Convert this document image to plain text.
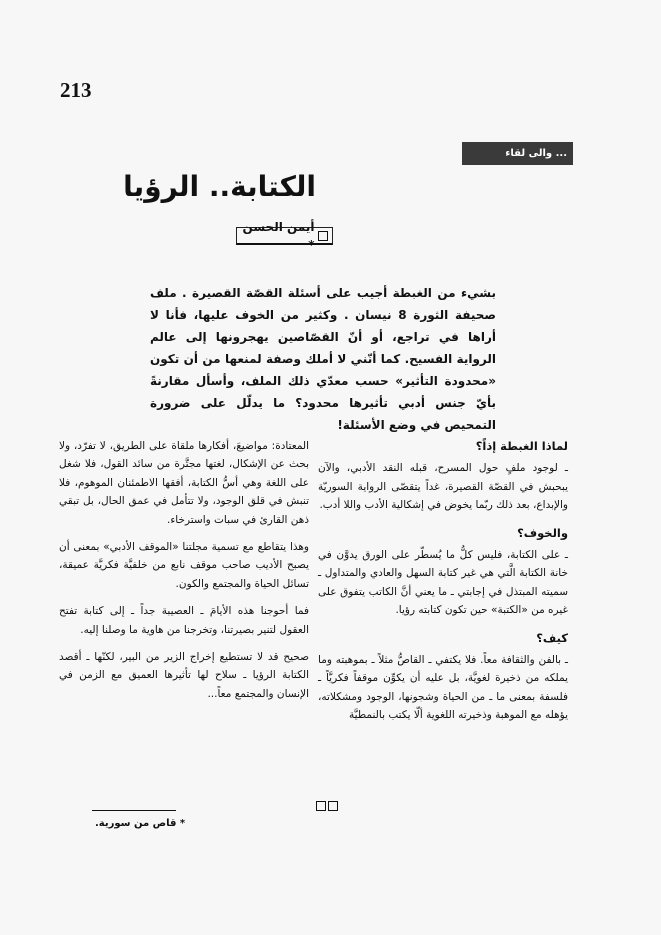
213
... والى لقاء
الكتابة.. الرؤيا
أيمن الحسن *

بشيء من الغبطة أجيب على أسئلة القصّة القصيرة . ملف صحيفة الثورة 8 نيسان . وكثير من الخوف عليها، فأنا لا أراها في تراجع، أو أنّ القصّاصين يهجرونها إلى عالم الرواية الفسيح. كما أنّني لا أملك وصفة لمنعها من أن تكون «محدودة التأثير» حسب معدّي ذلك الملف، وأسأل مقارنةً بأيّ جنس أدبي تأثيرها محدود؟ ما يدلّل على ضرورة التمحيص في وضع الأسئلة!

لماذا الغبطة إذاً؟

ـ لوجود ملفٍ حول المسرح، قبله النقد الأدبي، والآن يبحبش في القصّة القصيرة، غداً يتقصّى الرواية السوريّة والإبداع، بعد ذلك ربّما يخوض في إشكالية الأدب واللا أدب.

والخوف؟

ـ على الكتابة، فليس كلُّ ما يُسطّر على الورق يدوَّن في خانة الكتابة الَّتي هي غير كتابة السهل والعادي والمتداول ـ سميته المبتذل في إجابتي ـ ما يعني أنَّ الكاتب يتفوق على غيره من «الكتبة» حين تكون كتابته رؤيا.

كيف؟

ـ بالفن والثقافة معاً. فلا يكتفي ـ القاصُّ مثلاً ـ بموهبته وما يملكه من ذخيرة لغويَّة، بل عليه أن يكوِّن موقفاً فكريَّاً ـ فلسفة بمعنى ما ـ من الحياة وشجونها، الوجود ومشكلاته، يؤهله مع الموهبة وذخيرته اللغوية ألّا يكتب بالنمطيَّة

المعتادة: مواضيعَ، أفكارها ملقاة على الطريق، لا تفرّد، ولا بحث عن الإشكال، لغتها مجتَّرة من سائد القول، فلا شغل على اللغة وهي أسُّ الكتابة، أفقها الاطمئنان الموهوم، فلا تنبش في قلق الوجود، ولا تتأمل في عمق الحال، بل تبقي ذهن القارئ في سبات واسترخاء.

وهذا يتقاطع مع تسمية مجلتنا «الموقف الأدبي» بمعنى أن يصبح الأديب صاحب موقف نابع من خلفيَّة فكريَّة عميقة، تسائل الحياة والمجتمع والكون.

فما أحوجنا هذه الأيامَ ـ العصيبة جداً ـ إلى كتابة تفتح العقول لتنير بصيرتنا، وتخرجنا من هاوية ما وصلنا إليه.

صحيح قد لا تستطيع إخراج الزير من البير، لكنّها ـ أقصد الكتابة الرؤيا ـ سلاح لها تأثيرها العميق مع الزمن في الإنسان والمجتمع معاً...

* قاص من سورية.
